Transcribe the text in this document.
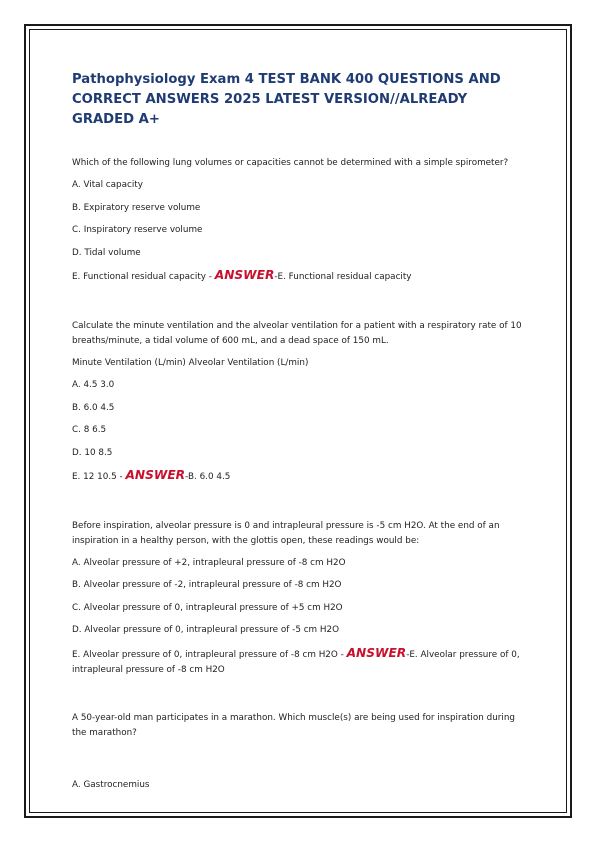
Pathophysiology Exam 4 TEST BANK 400 QUESTIONS AND CORRECT ANSWERS 2025 LATEST VERSION//ALREADY GRADED A+
Which of the following lung volumes or capacities cannot be determined with a simple spirometer?
A. Vital capacity
B. Expiratory reserve volume
C. Inspiratory reserve volume
D. Tidal volume
E. Functional residual capacity - ANSWER-E. Functional residual capacity
Calculate the minute ventilation and the alveolar ventilation for a patient with a respiratory rate of 10 breaths/minute, a tidal volume of 600 mL, and a dead space of 150 mL.
Minute Ventilation (L/min) Alveolar Ventilation (L/min)
A. 4.5 3.0
B. 6.0 4.5
C. 8 6.5
D. 10 8.5
E. 12 10.5 - ANSWER-B. 6.0 4.5
Before inspiration, alveolar pressure is 0 and intrapleural pressure is -5 cm H2O. At the end of an inspiration in a healthy person, with the glottis open, these readings would be:
A. Alveolar pressure of +2, intrapleural pressure of -8 cm H2O
B. Alveolar pressure of -2, intrapleural pressure of -8 cm H2O
C. Alveolar pressure of 0, intrapleural pressure of +5 cm H2O
D. Alveolar pressure of 0, intrapleural pressure of -5 cm H2O
E. Alveolar pressure of 0, intrapleural pressure of -8 cm H2O - ANSWER-E. Alveolar pressure of 0, intrapleural pressure of -8 cm H2O
A 50-year-old man participates in a marathon. Which muscle(s) are being used for inspiration during the marathon?
A. Gastrocnemius
